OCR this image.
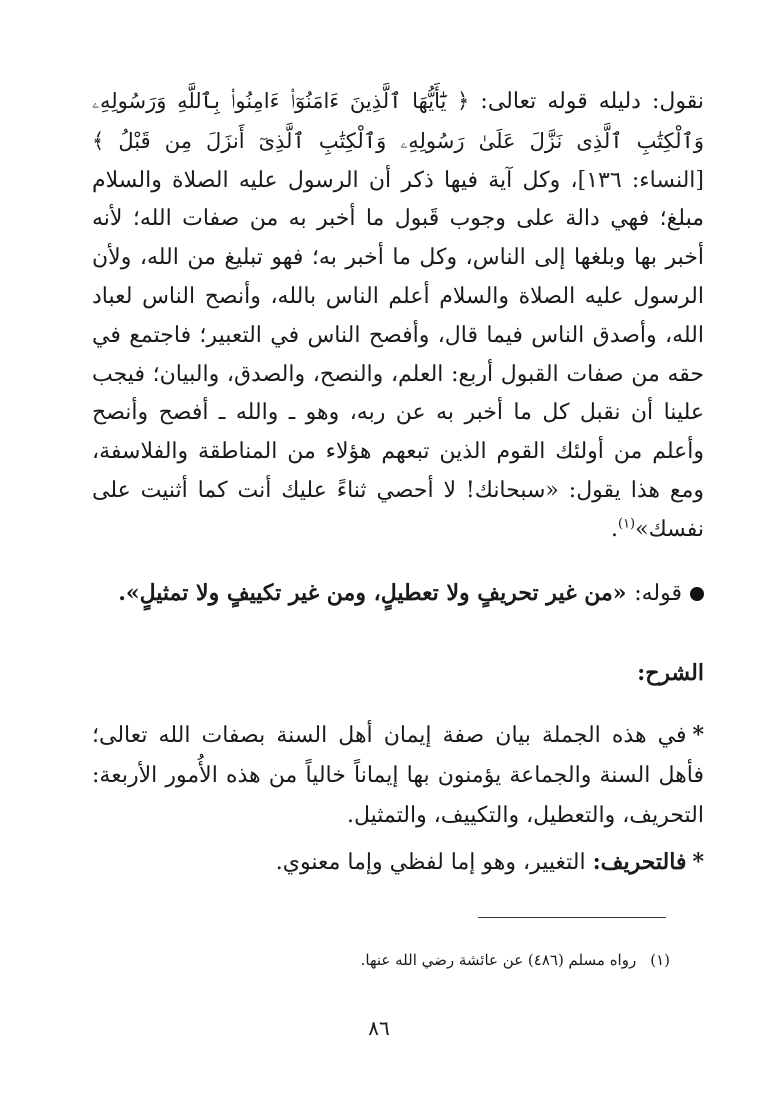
نقول: دليله قوله تعالى: ﴿ يَٰٓأَيُّهَا ٱلَّذِينَ ءَامَنُوٓا۟ ءَامِنُوا۟ بِٱللَّهِ وَرَسُولِهِۦ وَٱلْكِتَٰبِ ٱلَّذِى نَزَّلَ عَلَىٰ رَسُولِهِۦ وَٱلْكِتَٰبِ ٱلَّذِىٓ أَنزَلَ مِن قَبْلُ ﴾ [النساء: ١٣٦]، وكل آية فيها ذكر أن الرسول عليه الصلاة والسلام مبلغ؛ فهي دالة على وجوب قَبول ما أخبر به من صفات الله؛ لأنه أخبر بها وبلغها إلى الناس، وكل ما أخبر به؛ فهو تبليغ من الله، ولأن الرسول عليه الصلاة والسلام أعلم الناس بالله، وأنصح الناس لعباد الله، وأصدق الناس فيما قال، وأفصح الناس في التعبير؛ فاجتمع في حقه من صفات القبول أربع: العلم، والنصح، والصدق، والبيان؛ فيجب علينا أن نقبل كل ما أخبر به عن ربه، وهو ـ والله ـ أفصح وأنصح وأعلم من أولئك القوم الذين تبعهم هؤلاء من المناطقة والفلاسفة، ومع هذا يقول: «سبحانك! لا أحصي ثناءً عليك أنت كما أثنيت على نفسك»$^{(١)}$.

قوله: «من غير تحريفٍ ولا تعطيلٍ، ومن غير تكييفٍ ولا تمثيلٍ».

الشرح:

*في هذه الجملة بيان صفة إيمان أهل السنة بصفات الله تعالى؛ فأهل السنة والجماعة يؤمنون بها إيماناً خالياً من هذه الأُمور الأربعة: التحريف، والتعطيل، والتكييف، والتمثيل.

*فالتحريف: التغيير، وهو إما لفظي وإما معنوي.

(١)رواه مسلم (٤٨٦) عن عائشة رضي الله عنها.

٨٦
